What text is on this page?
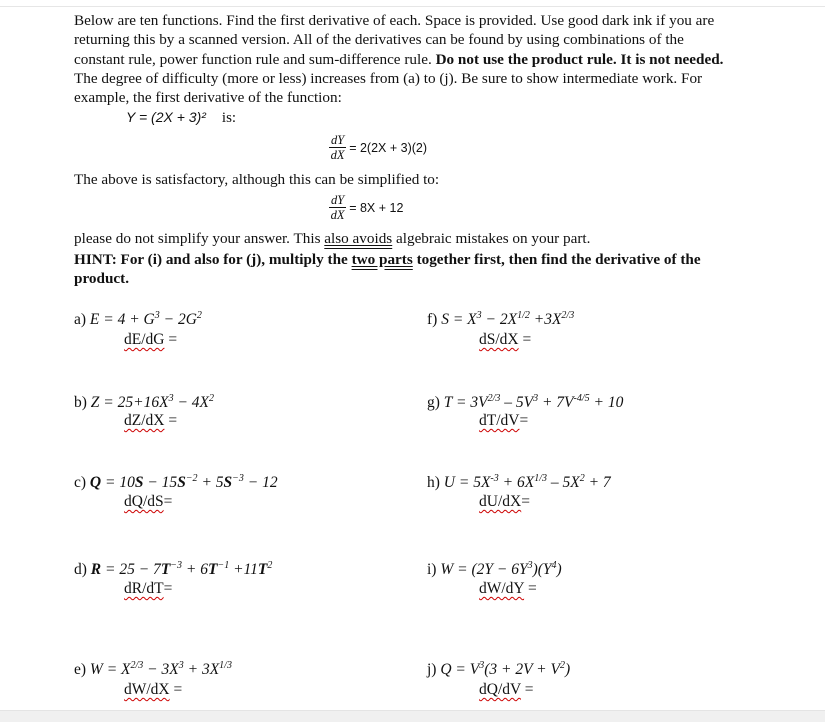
Below are ten functions. Find the first derivative of each. Space is provided. Use good dark ink if you are returning this by a scanned version. All of the derivatives can be found by using combinations of the constant rule, power function rule and sum-difference rule. Do not use the product rule. It is not needed. The degree of difficulty (more or less) increases from (a) to (j). Be sure to show intermediate work. For example, the first derivative of the function:

Y = (2X + 3)² is:
$\frac{dY}{dX} = 2(2X + 3)(2)$
The above is satisfactory, although this can be simplified to:
$\frac{dY}{dX} = 8X + 12$
please do not simplify your answer. This also avoids algebraic mistakes on your part.
HINT: For (i) and also for (j), multiply the two parts together first, then find the derivative of the product.
a) $E = 4 + G^3 - 2G^2$
dE/dG =
b) $Z = 25+16X^3 - 4X^2$
dZ/dX =
c) $Q = 10S - 15S^{-2} + 5S^{-3} - 12$
dQ/dS=
d) $R = 25 - 7T^{-3} + 6T^{-1} +11T^2$
dR/dT=
e) $W = X^{2/3} - 3X^3 + 3X^{1/3}$
dW/dX =
f) $S = X^3 - 2X^{1/2} +3X^{2/3}$
dS/dX =
g) $T = 3V^{2/3} - 5V^3 + 7V^{-4/5} + 10$
dT/dV=
h) $U = 5X^{-3} + 6X^{1/3} - 5X^2 + 7$
dU/dX=
i) $W = (2Y - 6Y^3)(Y^4)$
dW/dY =
j) $Q = V^3(3 + 2V + V^2)$
dQ/dV =
